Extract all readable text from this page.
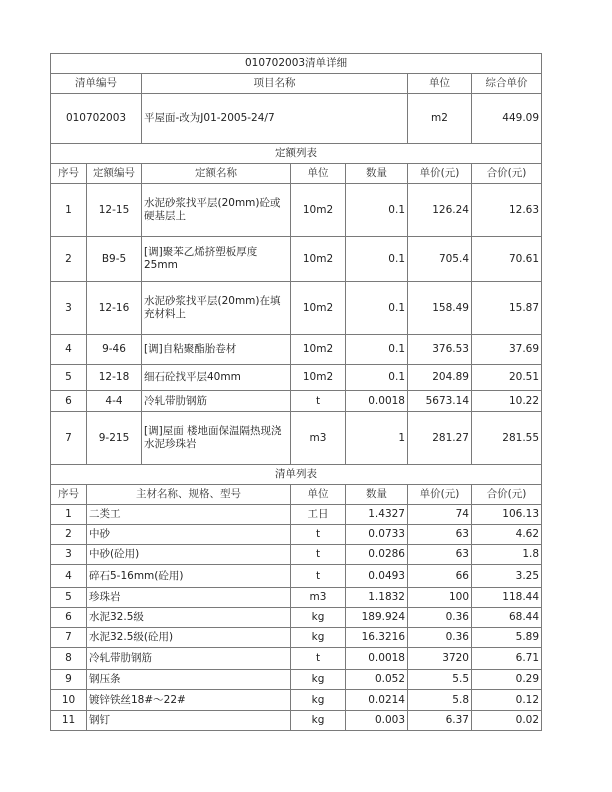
010702003清单详细						
清单编号		项目名称			单位	综合单价
010702003		平屋面-改为J01-2005-24/7			m2	449.09
定额列表						
序号	定额编号	定额名称	单位	数量	单价(元)	合价(元)
1	12-15	水泥砂浆找平层(20mm)砼或硬基层上	10m2	0.1	126.24	12.63
2	B9-5	[调]聚苯乙烯挤塑板厚度25mm	10m2	0.1	705.4	70.61
3	12-16	水泥砂浆找平层(20mm)在填充材料上	10m2	0.1	158.49	15.87
4	9-46	[调]自粘聚酯胎卷材	10m2	0.1	376.53	37.69
5	12-18	细石砼找平层40mm	10m2	0.1	204.89	20.51
6	4-4	冷轧带肋钢筋	t	0.0018	5673.14	10.22
7	9-215	[调]屋面 楼地面保温隔热现浇水泥珍珠岩	m3	1	281.27	281.55
清单列表						
序号	主材名称、规格、型号		单位	数量	单价(元)	合价(元)
1	二类工		工日	1.4327	74	106.13
2	中砂		t	0.0733	63	4.62
3	中砂(砼用)		t	0.0286	63	1.8
4	碎石5-16mm(砼用)		t	0.0493	66	3.25
5	珍珠岩		m3	1.1832	100	118.44
6	水泥32.5级		kg	189.924	0.36	68.44
7	水泥32.5级(砼用)		kg	16.3216	0.36	5.89
8	冷轧带肋钢筋		t	0.0018	3720	6.71
9	钢压条		kg	0.052	5.5	0.29
10	镀锌铁丝18#～22#		kg	0.0214	5.8	0.12
11	钢钉		kg	0.003	6.37	0.02
